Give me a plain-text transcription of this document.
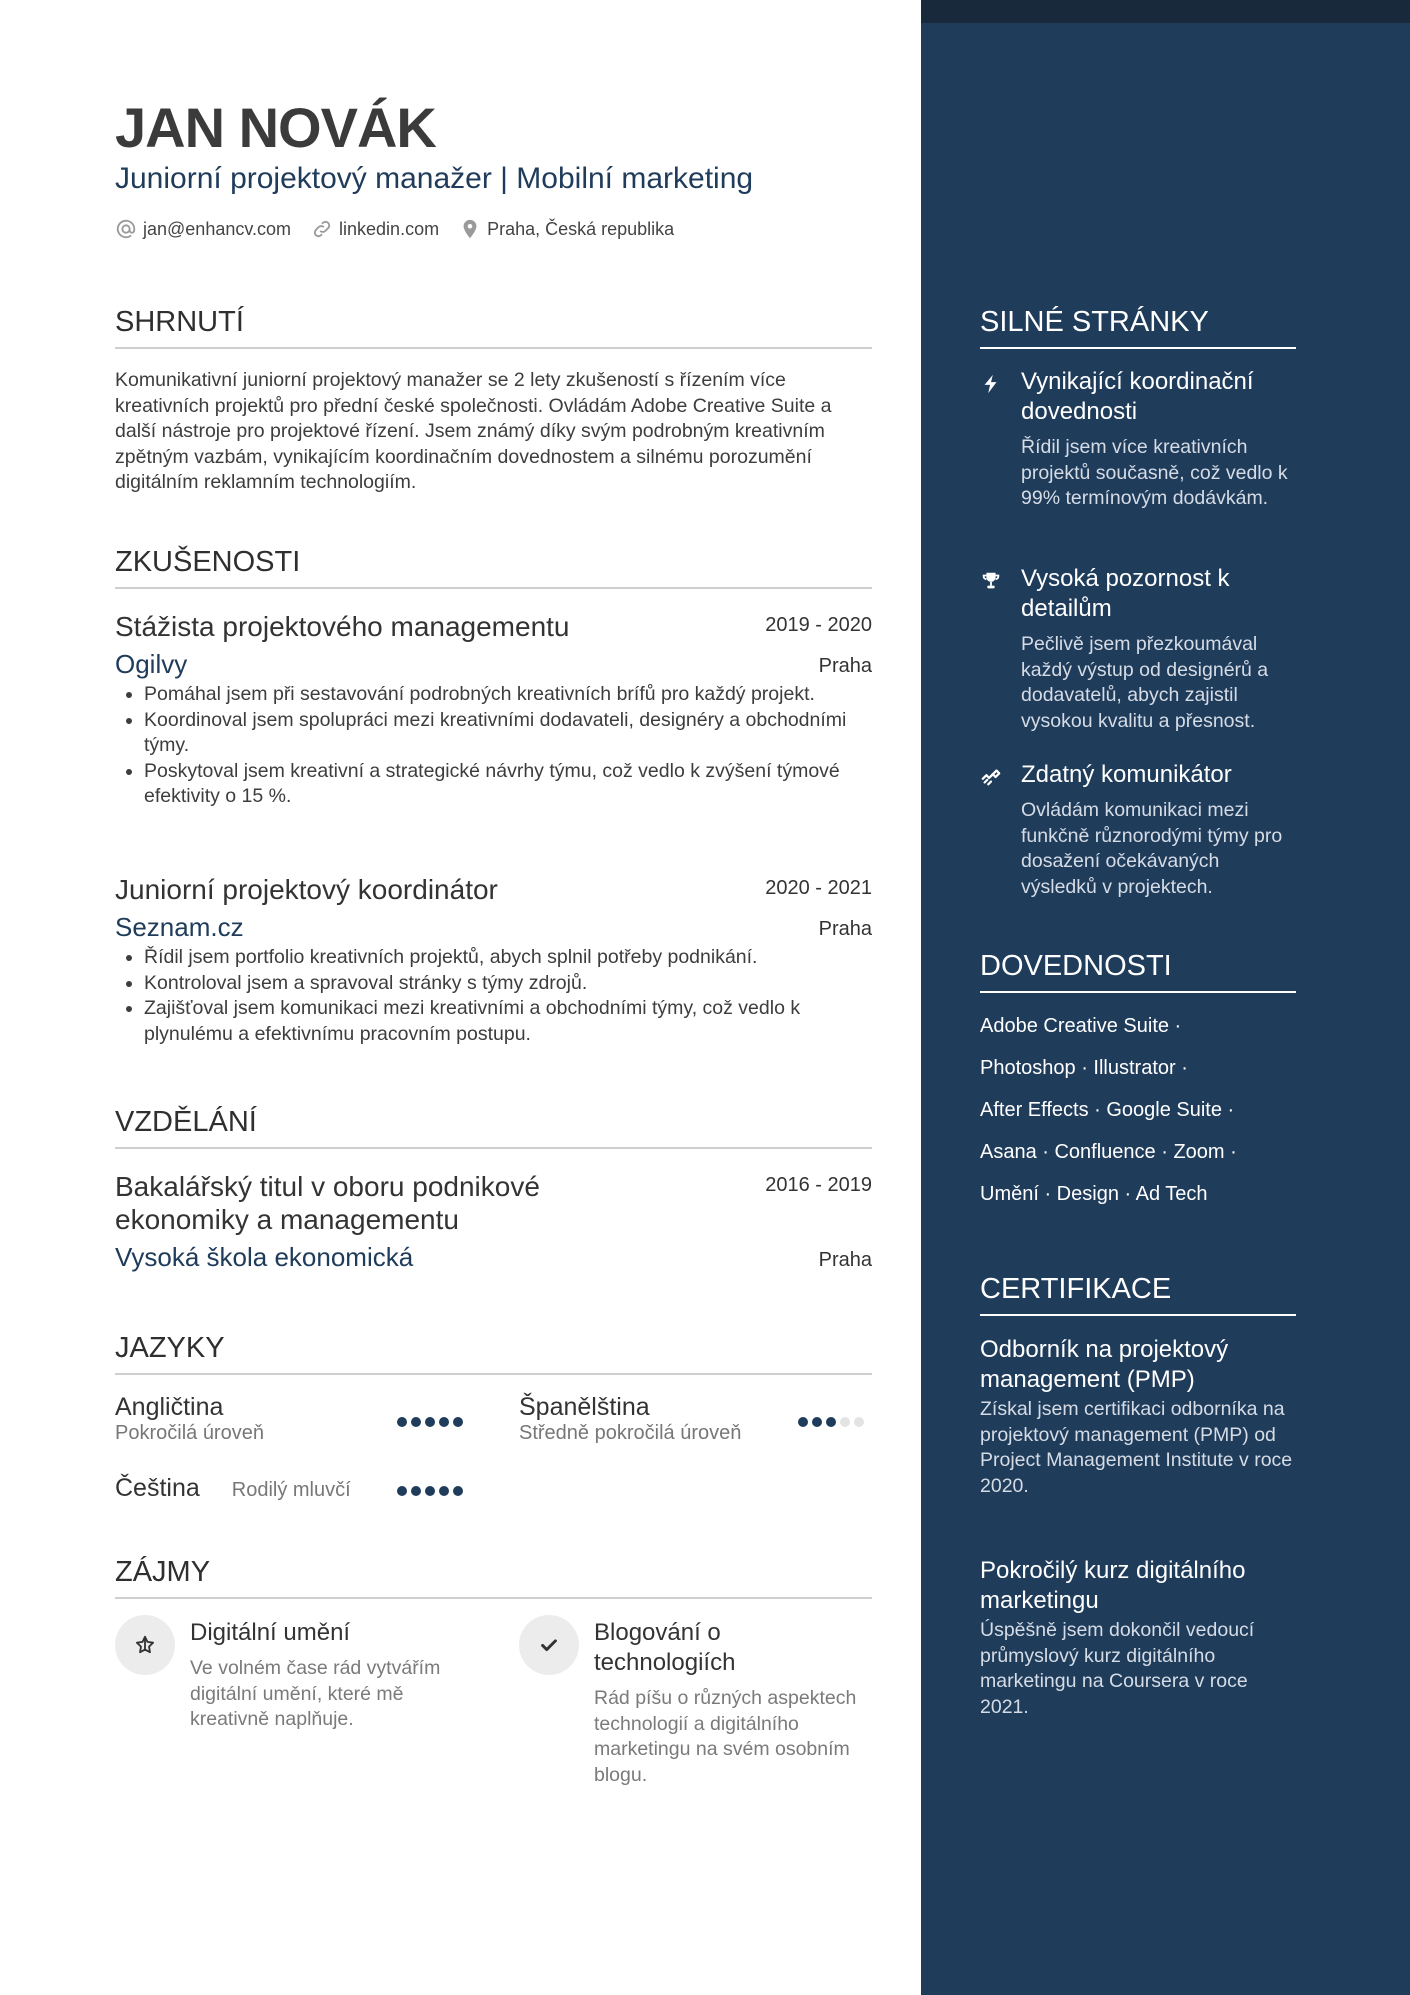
JAN NOVÁK
Juniorní projektový manažer | Mobilní marketing
jan@enhancv.com	linkedin.com	Praha, Česká republika
SHRNUTÍ
Komunikativní juniorní projektový manažer se 2 lety zkušeností s řízením více kreativních projektů pro přední české společnosti. Ovládám Adobe Creative Suite a další nástroje pro projektové řízení. Jsem známý díky svým podrobným kreativním zpětným vazbám, vynikajícím koordinačním dovednostem a silnému porozumění digitálním reklamním technologiím.
ZKUŠENOSTI
Stážista projektového managementu	2019 - 2020
Ogilvy	Praha
• Pomáhal jsem při sestavování podrobných kreativních brífů pro každý projekt.
• Koordinoval jsem spolupráci mezi kreativními dodavateli, designéry a obchodními týmy.
• Poskytoval jsem kreativní a strategické návrhy týmu, což vedlo k zvýšení týmové efektivity o 15 %.
Juniorní projektový koordinátor	2020 - 2021
Seznam.cz	Praha
• Řídil jsem portfolio kreativních projektů, abych splnil potřeby podnikání.
• Kontroloval jsem a spravoval stránky s týmy zdrojů.
• Zajišťoval jsem komunikaci mezi kreativními a obchodními týmy, což vedlo k plynulému a efektivnímu pracovním postupu.
VZDĚLÁNÍ
Bakalářský titul v oboru podnikové ekonomiky a managementu
2016 - 2019
Vysoká škola ekonomická	Praha
JAZYKY
Angličtina
Pokročilá úroveň
Španělština
Středně pokročilá úroveň
Čeština Rodilý mluvčí
ZÁJMY
Digitální umění
Ve volném čase rád vytvářím digitální umění, které mě kreativně naplňuje.
Blogování o technologiích
Rád píšu o různých aspektech technologií a digitálního marketingu na svém osobním blogu.
SILNÉ STRÁNKY
Vynikající koordinační dovednosti
Řídil jsem více kreativních projektů současně, což vedlo k 99% termínovým dodávkám.
Vysoká pozornost k detailům
Pečlivě jsem přezkoumával každý výstup od designérů a dodavatelů, abych zajistil vysokou kvalitu a přesnost.
Zdatný komunikátor
Ovládám komunikaci mezi funkčně různorodými týmy pro dosažení očekávaných výsledků v projektech.
DOVEDNOSTI
Adobe Creative Suite ·
Photoshop · Illustrator ·
After Effects · Google Suite ·
Asana · Confluence · Zoom ·
Umění · Design · Ad Tech
CERTIFIKACE
Odborník na projektový management (PMP)
Získal jsem certifikaci odborníka na projektový management (PMP) od Project Management Institute v roce 2020.
Pokročilý kurz digitálního marketingu
Úspěšně jsem dokončil vedoucí průmyslový kurz digitálního marketingu na Coursera v roce 2021.
